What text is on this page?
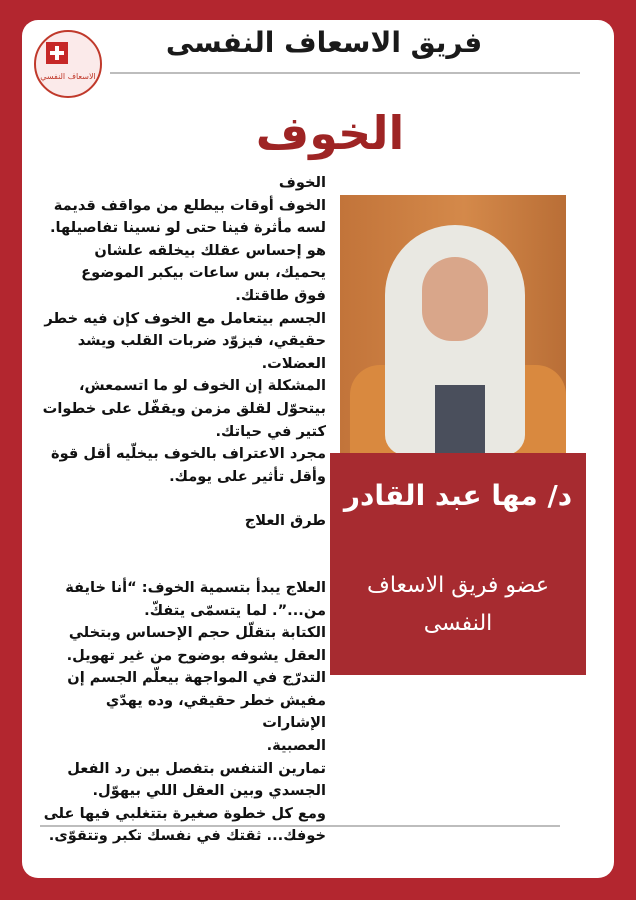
الاسعاف النفسي
فريق الاسعاف النفسى
الخوف

الخوف

الخوف أوقات بيطلع من مواقف قديمة

لسه مأثرة فينا حتى لو نسينا تفاصيلها.

هو إحساس عقلك بيخلقه علشان

يحميك، بس ساعات بيكبر الموضوع

فوق طاقتك.

الجسم بيتعامل مع الخوف كإن فيه خطر

حقيقي، فيزوّد ضربات القلب ويشد

العضلات.

المشكلة إن الخوف لو ما اتسمعش،

بيتحوّل لقلق مزمن ويقفّل على خطوات

كتير في حياتك.

مجرد الاعتراف بالخوف بيخلّيه أقل قوة

وأقل تأثير على يومك.

طرق العلاج

العلاج يبدأ بتسمية الخوف: “أنا خايفة

من...”. لما يتسمّى يتفكّ.

الكتابة بتقلّل حجم الإحساس وبتخلي

العقل يشوفه بوضوح من غير تهويل.

التدرّج في المواجهة بيعلّم الجسم إن

مفيش خطر حقيقي، وده يهدّي الإشارات

العصبية.

تمارين التنفس بتفصل بين رد الفعل

الجسدي وبين العقل اللي بيهوّل.

ومع كل خطوة صغيرة بتتغلبي فيها على

خوفك... ثقتك في نفسك تكبر وتتقوّى.

د/ مها عبد القادر
عضو فريق الاسعاف
النفسى
